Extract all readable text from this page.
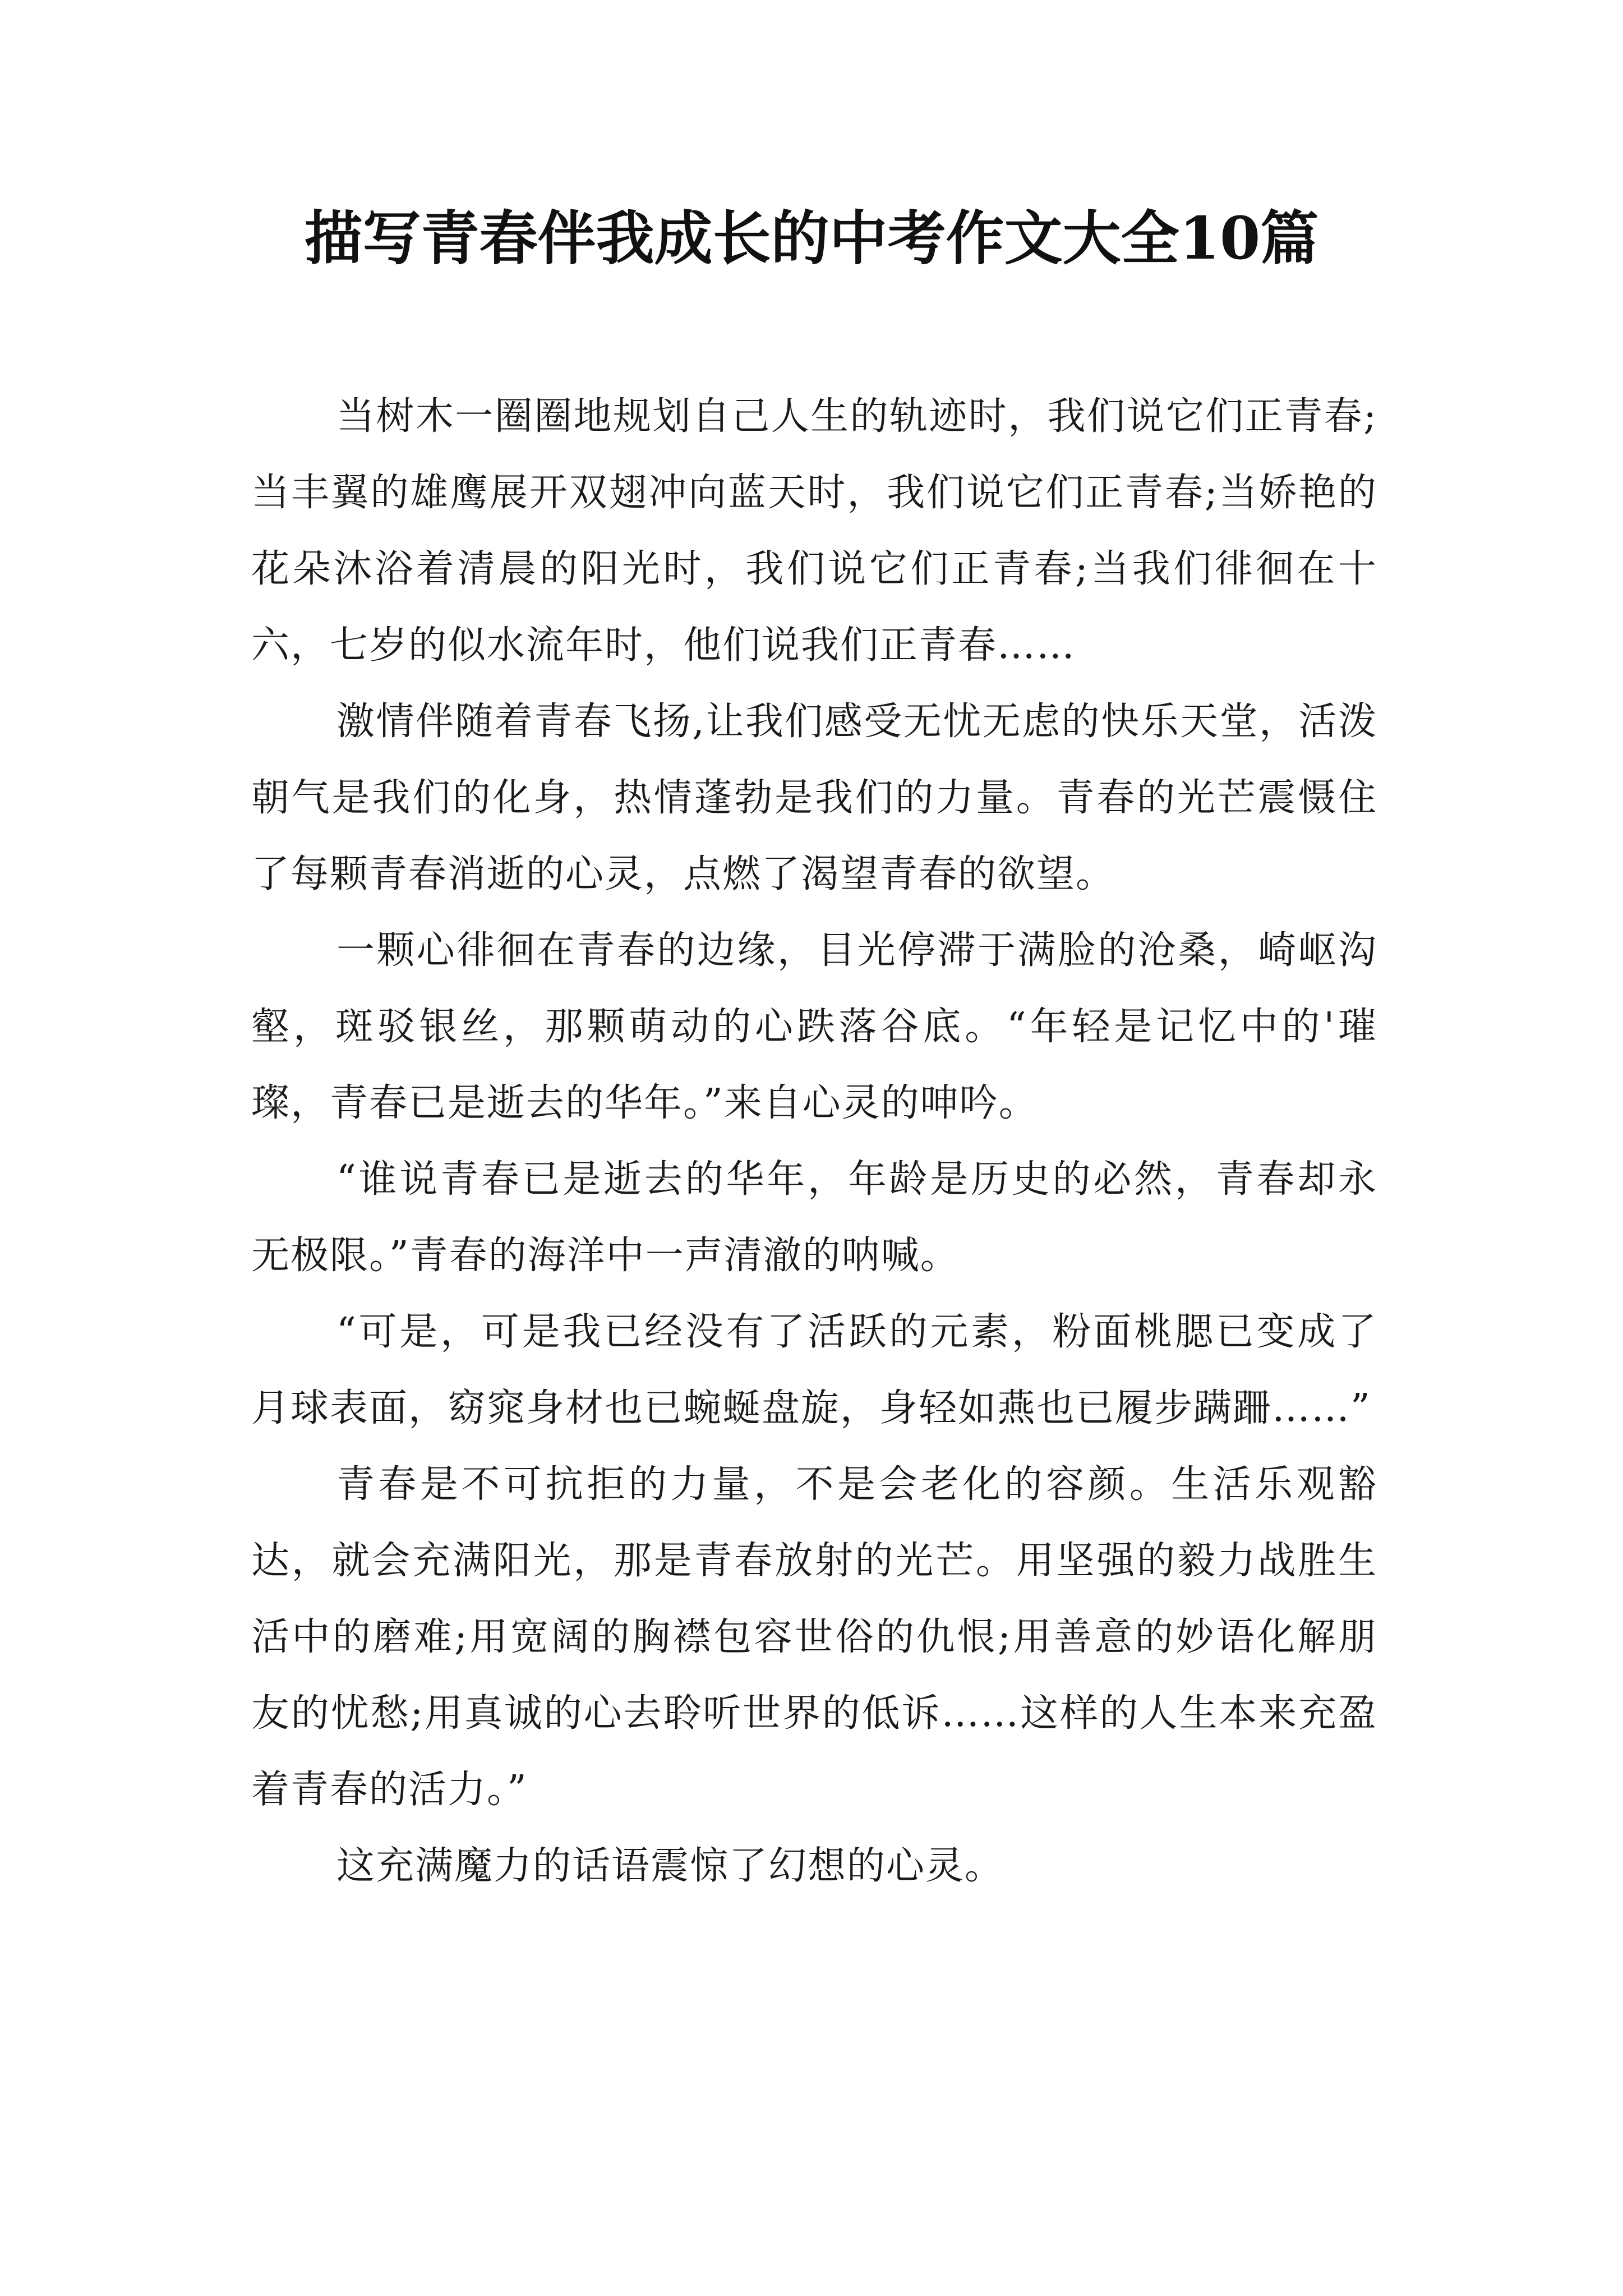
描写青春伴我成长的中考作文大全10篇

当树木一圈圈地规划自己人生的轨迹时，我们说它们正青春;当丰翼的雄鹰展开双翅冲向蓝天时，我们说它们正青春;当娇艳的花朵沐浴着清晨的阳光时，我们说它们正青春;当我们徘徊在十六，七岁的似水流年时，他们说我们正青春……

激情伴随着青春飞扬,让我们感受无忧无虑的快乐天堂，活泼朝气是我们的化身，热情蓬勃是我们的力量。青春的光芒震慑住了每颗青春消逝的心灵，点燃了渴望青春的欲望。

一颗心徘徊在青春的边缘，目光停滞于满脸的沧桑，崎岖沟壑，斑驳银丝，那颗萌动的心跌落谷底。“年轻是记忆中的'璀璨，青春已是逝去的华年。”来自心灵的呻吟。

“谁说青春已是逝去的华年，年龄是历史的必然，青春却永无极限。”青春的海洋中一声清澈的呐喊。

“可是，可是我已经没有了活跃的元素，粉面桃腮已变成了月球表面，窈窕身材也已蜿蜒盘旋，身轻如燕也已履步蹒跚……”

青春是不可抗拒的力量，不是会老化的容颜。生活乐观豁达，就会充满阳光，那是青春放射的光芒。用坚强的毅力战胜生活中的磨难;用宽阔的胸襟包容世俗的仇恨;用善意的妙语化解朋友的忧愁;用真诚的心去聆听世界的低诉……这样的人生本来充盈着青春的活力。”

这充满魔力的话语震惊了幻想的心灵。
